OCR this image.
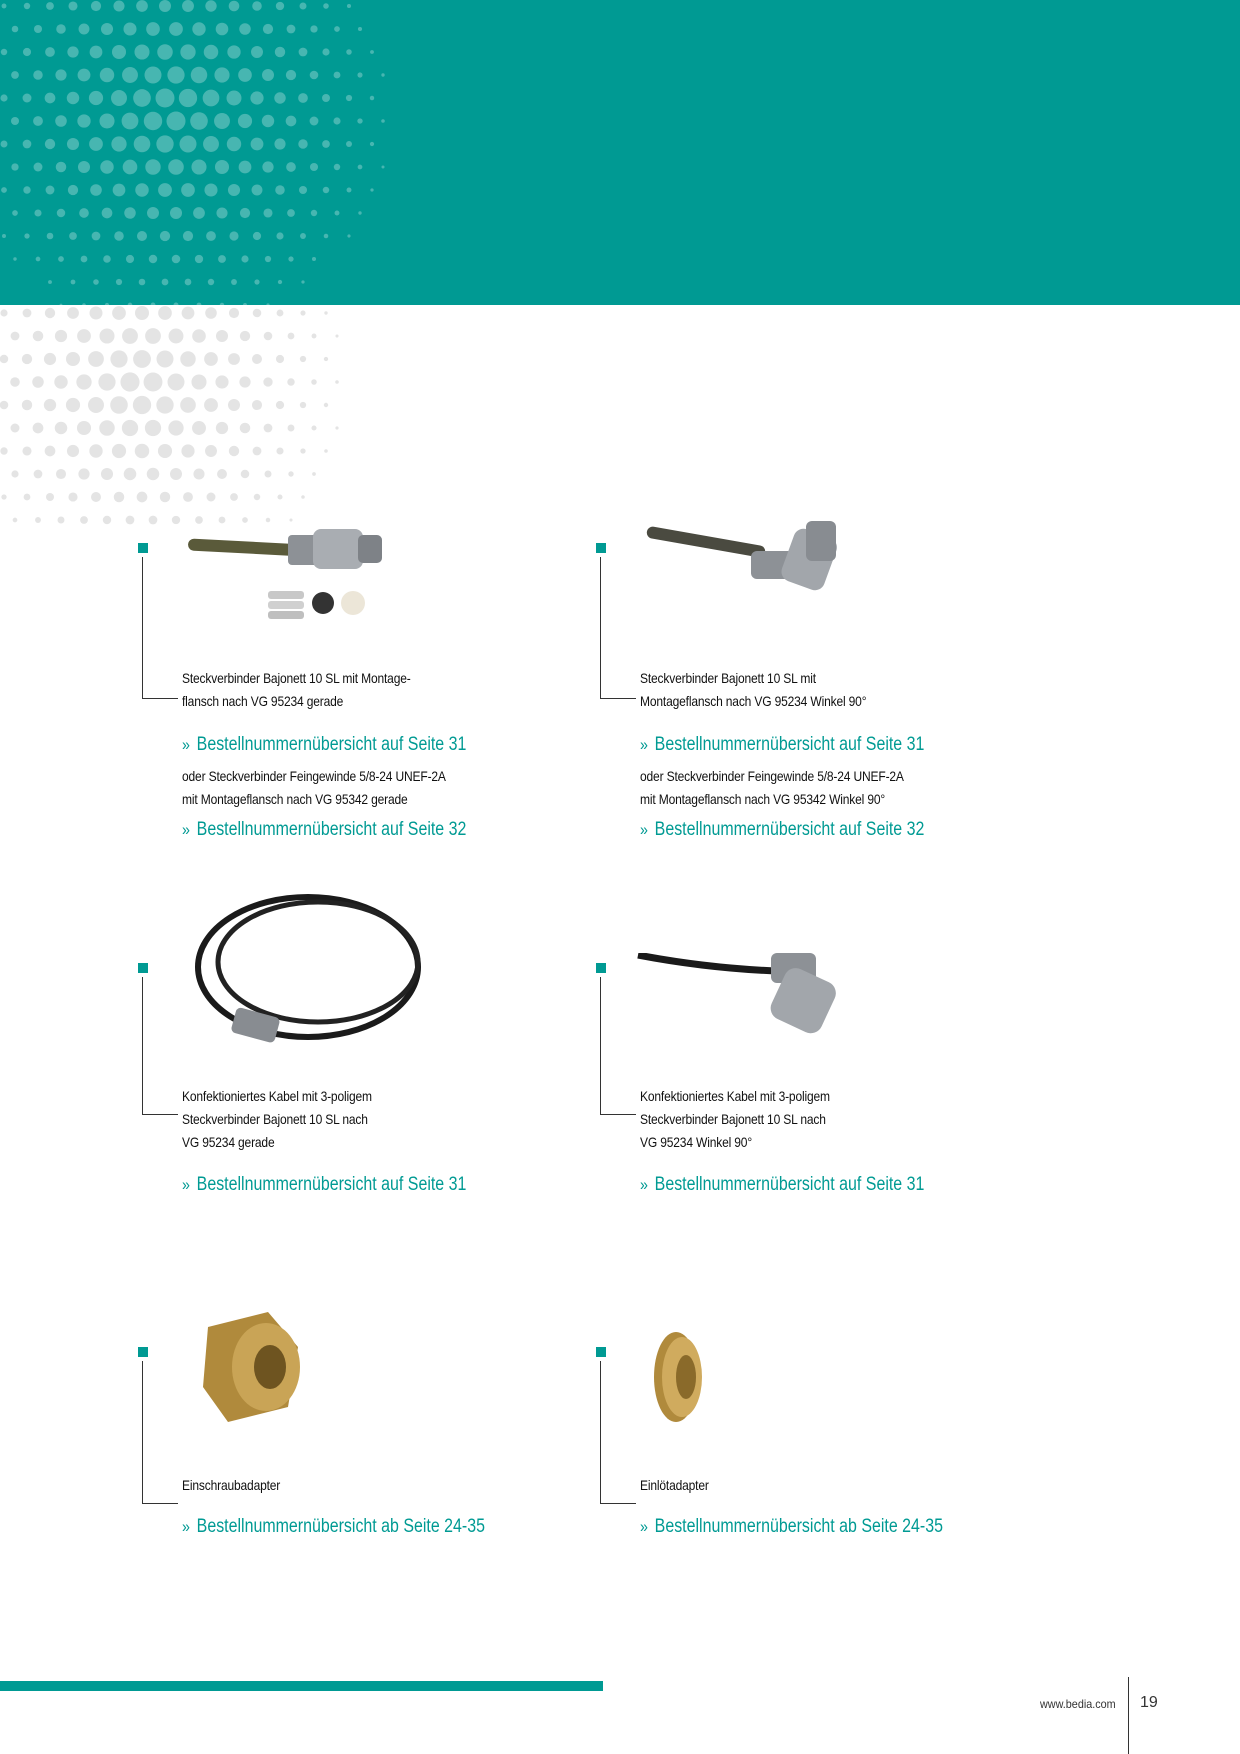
Steckverbinder Bajonett 10 SL mit Montage-
flansch nach VG 95234 gerade
» Bestellnummernübersicht auf Seite 31
oder Steckverbinder Feingewinde 5/8-24 UNEF-2A
mit Montageflansch nach VG 95342 gerade
» Bestellnummernübersicht auf Seite 32
Steckverbinder Bajonett 10 SL mit
Montageflansch nach VG 95234 Winkel 90°
» Bestellnummernübersicht auf Seite 31
oder Steckverbinder Feingewinde 5/8-24 UNEF-2A
mit Montageflansch nach VG 95342 Winkel 90°
» Bestellnummernübersicht auf Seite 32
Konfektioniertes Kabel mit 3-poligem
Steckverbinder Bajonett 10 SL nach
VG 95234 gerade
» Bestellnummernübersicht auf Seite 31
Konfektioniertes Kabel mit 3-poligem
Steckverbinder Bajonett 10 SL nach
VG 95234 Winkel 90°
» Bestellnummernübersicht auf Seite 31
Einschraubadapter
» Bestellnummernübersicht ab Seite 24-35
Einlötadapter
» Bestellnummernübersicht ab Seite 24-35
www.bedia.com 19
